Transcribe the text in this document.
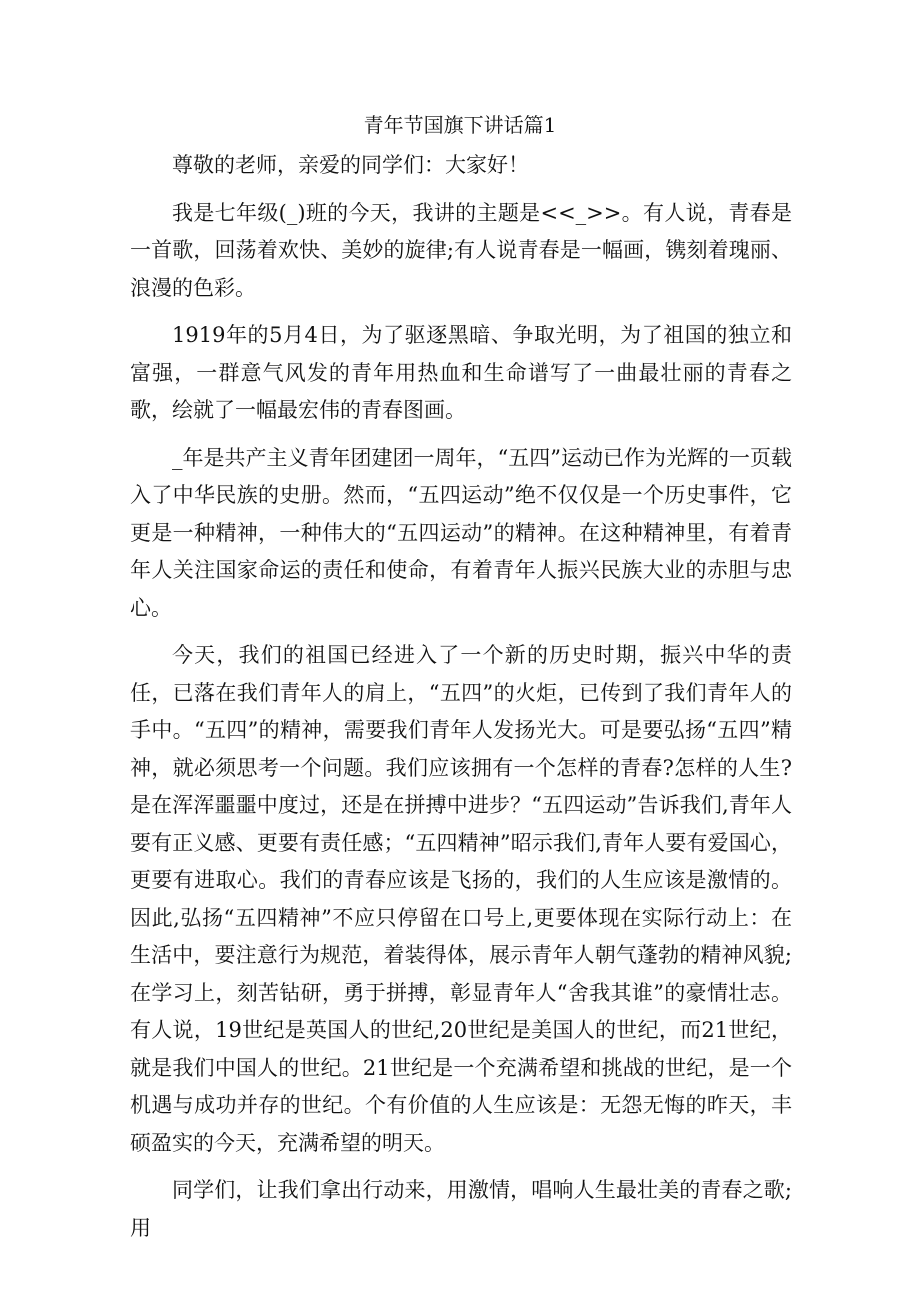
青年节国旗下讲话篇1

尊敬的老师，亲爱的同学们：大家好！

我是七年级(_)班的今天，我讲的主题是<<_>>。有人说，青春是一首歌，回荡着欢快、美妙的旋律;有人说青春是一幅画，镌刻着瑰丽、浪漫的色彩。

1919年的5月4日，为了驱逐黑暗、争取光明，为了祖国的独立和富强，一群意气风发的青年用热血和生命谱写了一曲最壮丽的青春之歌，绘就了一幅最宏伟的青春图画。

_年是共产主义青年团建团一周年，“五四”运动已作为光辉的一页载入了中华民族的史册。然而，“五四运动”绝不仅仅是一个历史事件，它更是一种精神，一种伟大的“五四运动”的精神。在这种精神里，有着青年人关注国家命运的责任和使命，有着青年人振兴民族大业的赤胆与忠心。

今天，我们的祖国已经进入了一个新的历史时期，振兴中华的责任，已落在我们青年人的肩上，“五四”的火炬，已传到了我们青年人的手中。“五四”的精神，需要我们青年人发扬光大。可是要弘扬“五四”精神，就必须思考一个问题。我们应该拥有一个怎样的青春?怎样的人生?是在浑浑噩噩中度过，还是在拼搏中进步？“五四运动”告诉我们,青年人要有正义感、更要有责任感；“五四精神”昭示我们,青年人要有爱国心，更要有进取心。我们的青春应该是飞扬的，我们的人生应该是激情的。因此,弘扬“五四精神”不应只停留在口号上,更要体现在实际行动上：在生活中，要注意行为规范，着装得体，展示青年人朝气蓬勃的精神风貌;在学习上，刻苦钻研，勇于拼搏，彰显青年人“舍我其谁”的豪情壮志。有人说，19世纪是英国人的世纪,20世纪是美国人的世纪，而21世纪，就是我们中国人的世纪。21世纪是一个充满希望和挑战的世纪，是一个机遇与成功并存的世纪。个有价值的人生应该是：无怨无悔的昨天，丰硕盈实的今天，充满希望的明天。

同学们，让我们拿出行动来，用激情，唱响人生最壮美的青春之歌;用
